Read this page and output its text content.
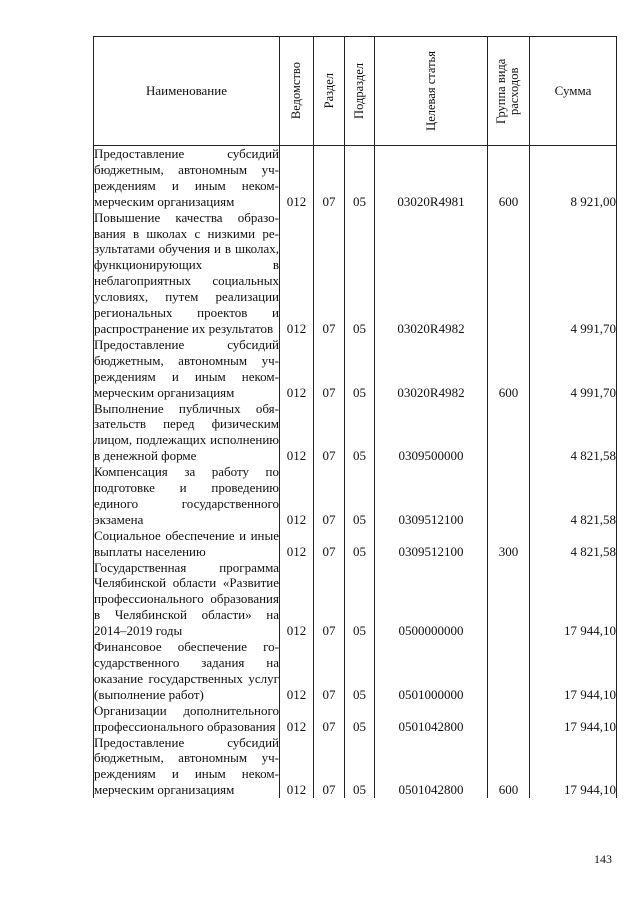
Наименование	Ведомство	Раздел	Подраздел	Целевая статья	Группа вида расходов	Сумма
Предоставление субсидий бюджетным, автономным учреждениям и иным некоммерческим организациям	012	07	05	03020R4981	600	8 921,00
Повышение качества образования в школах с низкими результатами обучения и в школах, функционирующих в неблагоприятных социальных условиях, путем реализации региональных проектов и распространение их результатов	012	07	05	03020R4982		4 991,70
Предоставление субсидий бюджетным, автономным учреждениям и иным некоммерческим организациям	012	07	05	03020R4982	600	4 991,70
Выполнение публичных обязательств перед физическим лицом, подлежащих исполнению в денежной форме	012	07	05	0309500000		4 821,58
Компенсация за работу по подготовке и проведению единого государственного экзамена	012	07	05	0309512100		4 821,58
Социальное обеспечение и иные выплаты населению	012	07	05	0309512100	300	4 821,58
Государственная программа Челябинской области «Развитие профессионального образования в Челябинской области» на 2014–2019 годы	012	07	05	0500000000		17 944,10
Финансовое обеспечение государственного задания на оказание государственных услуг (выполнение работ)	012	07	05	0501000000		17 944,10
Организации дополнительного профессионального образования	012	07	05	0501042800		17 944,10
Предоставление субсидий бюджетным, автономным учреждениям и иным некоммерческим организациям	012	07	05	0501042800	600	17 944,10
143
